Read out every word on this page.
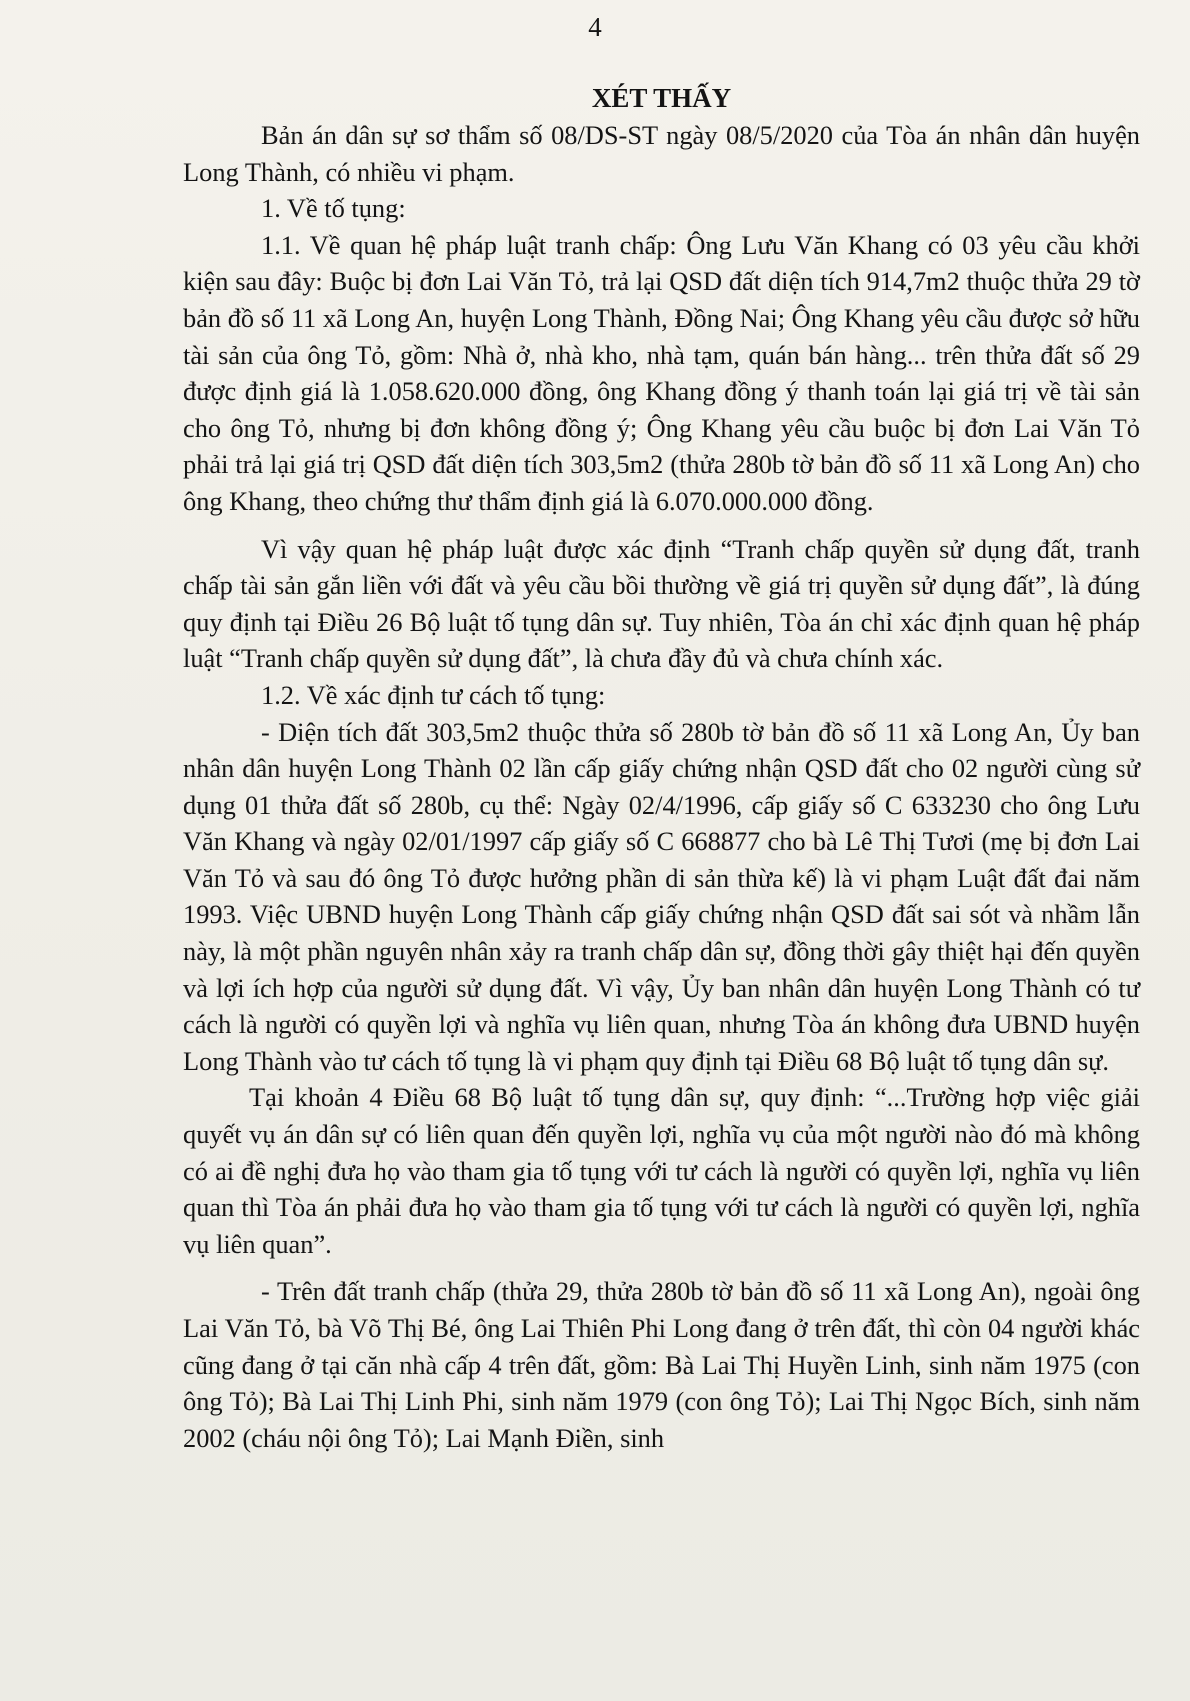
4
XÉT THẤY

Bản án dân sự sơ thẩm số 08/DS-ST ngày 08/5/2020 của Tòa án nhân dân huyện Long Thành, có nhiều vi phạm.

1. Về tố tụng:

1.1. Về quan hệ pháp luật tranh chấp: Ông Lưu Văn Khang có 03 yêu cầu khởi kiện sau đây: Buộc bị đơn Lai Văn Tỏ, trả lại QSD đất diện tích 914,7m2 thuộc thửa 29 tờ bản đồ số 11 xã Long An, huyện Long Thành, Đồng Nai; Ông Khang yêu cầu được sở hữu tài sản của ông Tỏ, gồm: Nhà ở, nhà kho, nhà tạm, quán bán hàng... trên thửa đất số 29 được định giá là 1.058.620.000 đồng, ông Khang đồng ý thanh toán lại giá trị về tài sản cho ông Tỏ, nhưng bị đơn không đồng ý; Ông Khang yêu cầu buộc bị đơn Lai Văn Tỏ phải trả lại giá trị QSD đất diện tích 303,5m2 (thửa 280b tờ bản đồ số 11 xã Long An) cho ông Khang, theo chứng thư thẩm định giá là 6.070.000.000 đồng.

Vì vậy quan hệ pháp luật được xác định “Tranh chấp quyền sử dụng đất, tranh chấp tài sản gắn liền với đất và yêu cầu bồi thường về giá trị quyền sử dụng đất”, là đúng quy định tại Điều 26 Bộ luật tố tụng dân sự. Tuy nhiên, Tòa án chỉ xác định quan hệ pháp luật “Tranh chấp quyền sử dụng đất”, là chưa đầy đủ và chưa chính xác.

1.2. Về xác định tư cách tố tụng:

- Diện tích đất 303,5m2 thuộc thửa số 280b tờ bản đồ số 11 xã Long An, Ủy ban nhân dân huyện Long Thành 02 lần cấp giấy chứng nhận QSD đất cho 02 người cùng sử dụng 01 thửa đất số 280b, cụ thể: Ngày 02/4/1996, cấp giấy số C 633230 cho ông Lưu Văn Khang và ngày 02/01/1997 cấp giấy số C 668877 cho bà Lê Thị Tươi (mẹ bị đơn Lai Văn Tỏ và sau đó ông Tỏ được hưởng phần di sản thừa kế) là vi phạm Luật đất đai năm 1993. Việc UBND huyện Long Thành cấp giấy chứng nhận QSD đất sai sót và nhầm lẫn này, là một phần nguyên nhân xảy ra tranh chấp dân sự, đồng thời gây thiệt hại đến quyền và lợi ích hợp của người sử dụng đất. Vì vậy, Ủy ban nhân dân huyện Long Thành có tư cách là người có quyền lợi và nghĩa vụ liên quan, nhưng Tòa án không đưa UBND huyện Long Thành vào tư cách tố tụng là vi phạm quy định tại Điều 68 Bộ luật tố tụng dân sự.

Tại khoản 4 Điều 68 Bộ luật tố tụng dân sự, quy định: “...Trường hợp việc giải quyết vụ án dân sự có liên quan đến quyền lợi, nghĩa vụ của một người nào đó mà không có ai đề nghị đưa họ vào tham gia tố tụng với tư cách là người có quyền lợi, nghĩa vụ liên quan thì Tòa án phải đưa họ vào tham gia tố tụng với tư cách là người có quyền lợi, nghĩa vụ liên quan”.

- Trên đất tranh chấp (thửa 29, thửa 280b tờ bản đồ số 11 xã Long An), ngoài ông Lai Văn Tỏ, bà Võ Thị Bé, ông Lai Thiên Phi Long đang ở trên đất, thì còn 04 người khác cũng đang ở tại căn nhà cấp 4 trên đất, gồm: Bà Lai Thị Huyền Linh, sinh năm 1975 (con ông Tỏ); Bà Lai Thị Linh Phi, sinh năm 1979 (con ông Tỏ); Lai Thị Ngọc Bích, sinh năm 2002 (cháu nội ông Tỏ); Lai Mạnh Điền, sinh
